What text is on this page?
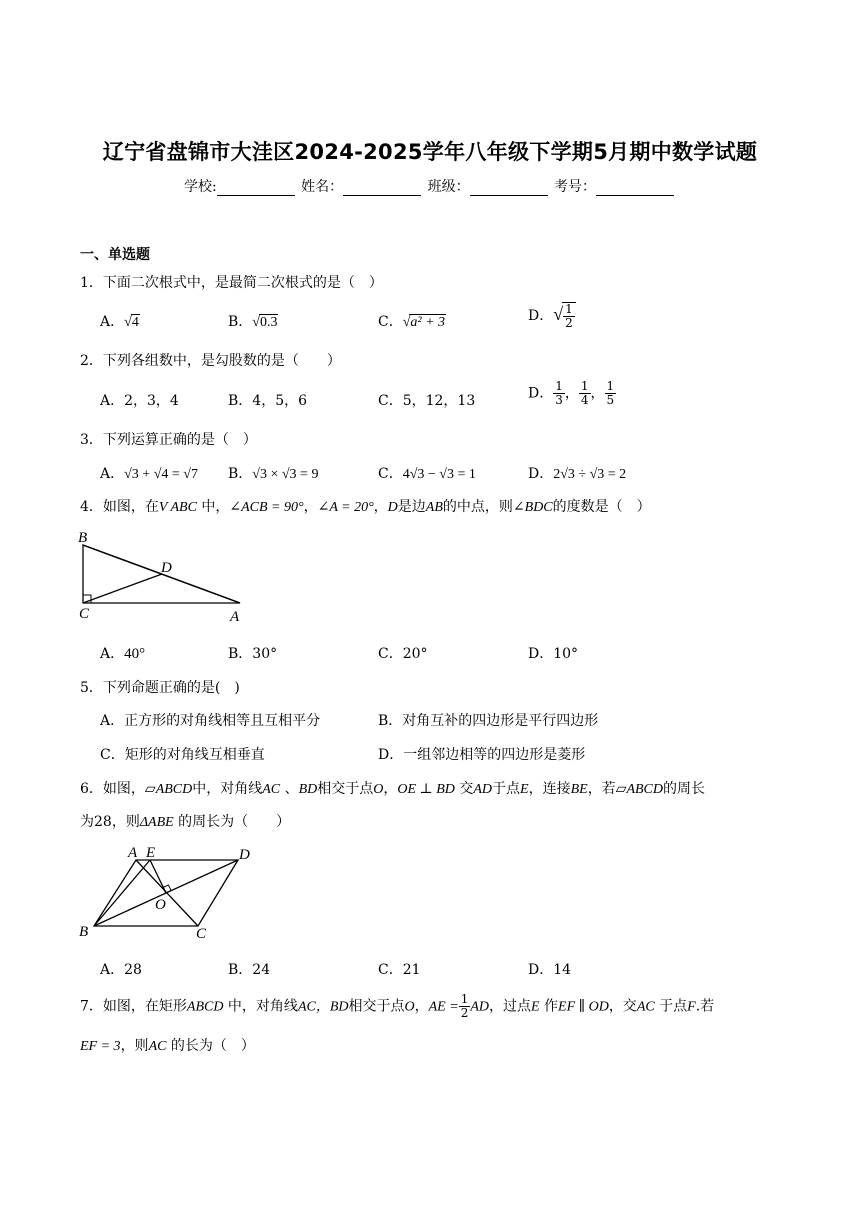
辽宁省盘锦市大洼区2024-2025学年八年级下学期5月期中数学试题
学校:	姓名：	班级：	考号：
一、单选题
1．下面二次根式中，是最简二次根式的是（　）
A．√4	B．√0.3	C．√a² + 3	D．√ $\frac{1}{2}$
2．下列各组数中，是勾股数的是（　　）
A．2，3，4	B．4，5，6	C．5，12，13	D． $\frac{1}{3}$ ， $\frac{1}{4}$ ， $\frac{1}{5}$
3．下列运算正确的是（　）
A．√3 + √4 = √7 B．√3 × √3 = 9	C．4√3 − √3 = 1	D．2√3 ÷ √3 = 2
4．如图，在V ABC 中，∠ACB = 90°，∠A = 20°，D是边AB的中点，则∠BDC的度数是（　）
B
D
C	A
A．40°	B．30°	C．20°	D．10°
5．下列命题正确的是(　)
A．正方形的对角线相等且互相平分	B．对角互补的四边形是平行四边形
C．矩形的对角线互相垂直	D．一组邻边相等的四边形是菱形
6．如图，▱ABCD中，对角线AC 、BD相交于点O，OE ⊥ BD 交AD于点E，连接BE，若▱ABCD的周长
为28，则ΔABE 的周长为（　　）
A E	D
O
B	C
A．28	B．24	C．21	D．14
7．如图，在矩形ABCD 中，对角线AC，BD相交于点O，AE = $\frac{1}{2}$ AD，过点E 作EF ∥ OD，交AC 于点F.若
EF = 3，则AC 的长为（　）
